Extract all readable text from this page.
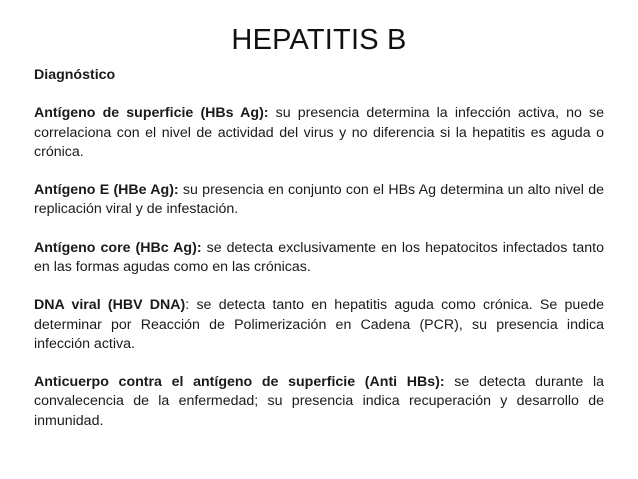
HEPATITIS B
Diagnóstico
Antígeno de superficie (HBs Ag): su presencia determina la infección activa, no se correlaciona con el nivel de actividad del virus y no diferencia si la hepatitis es aguda o crónica.
Antígeno E (HBe Ag): su presencia en conjunto con el HBs Ag determina un alto nivel de replicación viral y de infestación.
Antígeno core (HBc Ag): se detecta exclusivamente en los hepatocitos infectados tanto en las formas agudas como en las crónicas.
DNA viral (HBV DNA): se detecta tanto en hepatitis aguda como crónica. Se puede determinar por Reacción de Polimerización en Cadena (PCR), su presencia indica infección activa.
Anticuerpo contra el antígeno de superficie (Anti HBs): se detecta durante la convalecencia de la enfermedad; su presencia indica recuperación y desarrollo de inmunidad.
